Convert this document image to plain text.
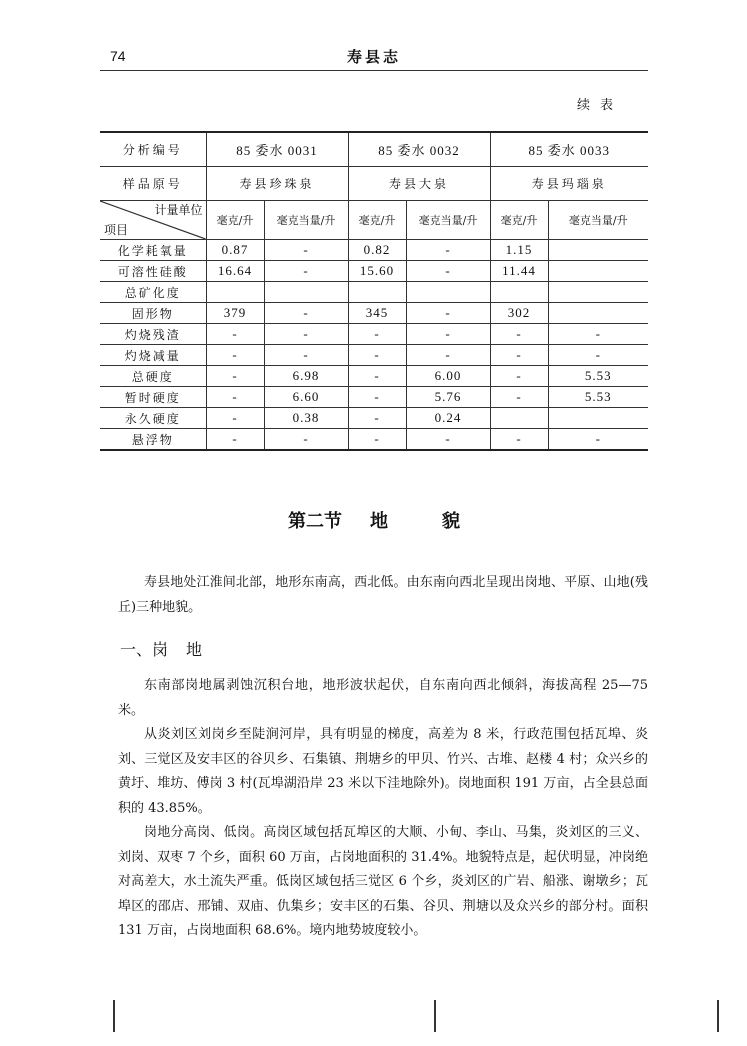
74	寿县志
续表
分析编号	85 委水 0031		85 委水 0032		85 委水 0033	
样品原号	寿县珍珠泉		寿县大泉		寿县玛瑙泉	

计量单位
项目	毫克/升	毫克当量/升	毫克/升	毫克当量/升	毫克/升	毫克当量/升
化学耗氧量	0.87	-	0.82	-	1.15	
可溶性硅酸	16.64	-	15.60	-	11.44	
总矿化度						
固形物	379	-	345	-	302	
灼烧残渣	-	-	-	-	-	-
灼烧减量	-	-	-	-	-	-
总硬度	-	6.98	-	6.00	-	5.53
暂时硬度	-	6.60	-	5.76	-	5.53
永久硬度	-	0.38	-	0.24		
悬浮物	-	-	-	-	-	-
第二节 地	貌
寿县地处江淮间北部，地形东南高，西北低。由东南向西北呈现出岗地、平原、山地(残丘)三种地貌。
一、岗 地
东南部岗地属剥蚀沉积台地，地形波状起伏，自东南向西北倾斜，海拔高程 25—75 米。
从炎刘区刘岗乡至陡涧河岸，具有明显的梯度，高差为 8 米，行政范围包括瓦埠、炎刘、三觉区及安丰区的谷贝乡、石集镇、荆塘乡的甲贝、竹兴、古堆、赵楼 4 村；众兴乡的黄圩、堆坊、傅岗 3 村(瓦埠湖沿岸 23 米以下洼地除外)。岗地面积 191 万亩，占全县总面积的 43.85%。
岗地分高岗、低岗。高岗区域包括瓦埠区的大顺、小甸、李山、马集，炎刘区的三义、刘岗、双枣 7 个乡，面积 60 万亩，占岗地面积的 31.4%。地貌特点是，起伏明显，冲岗绝对高差大，水土流失严重。低岗区域包括三觉区 6 个乡，炎刘区的广岩、船涨、谢墩乡；瓦埠区的邵店、邢铺、双庙、仇集乡；安丰区的石集、谷贝、荆塘以及众兴乡的部分村。面积 131 万亩，占岗地面积 68.6%。境内地势坡度较小。
